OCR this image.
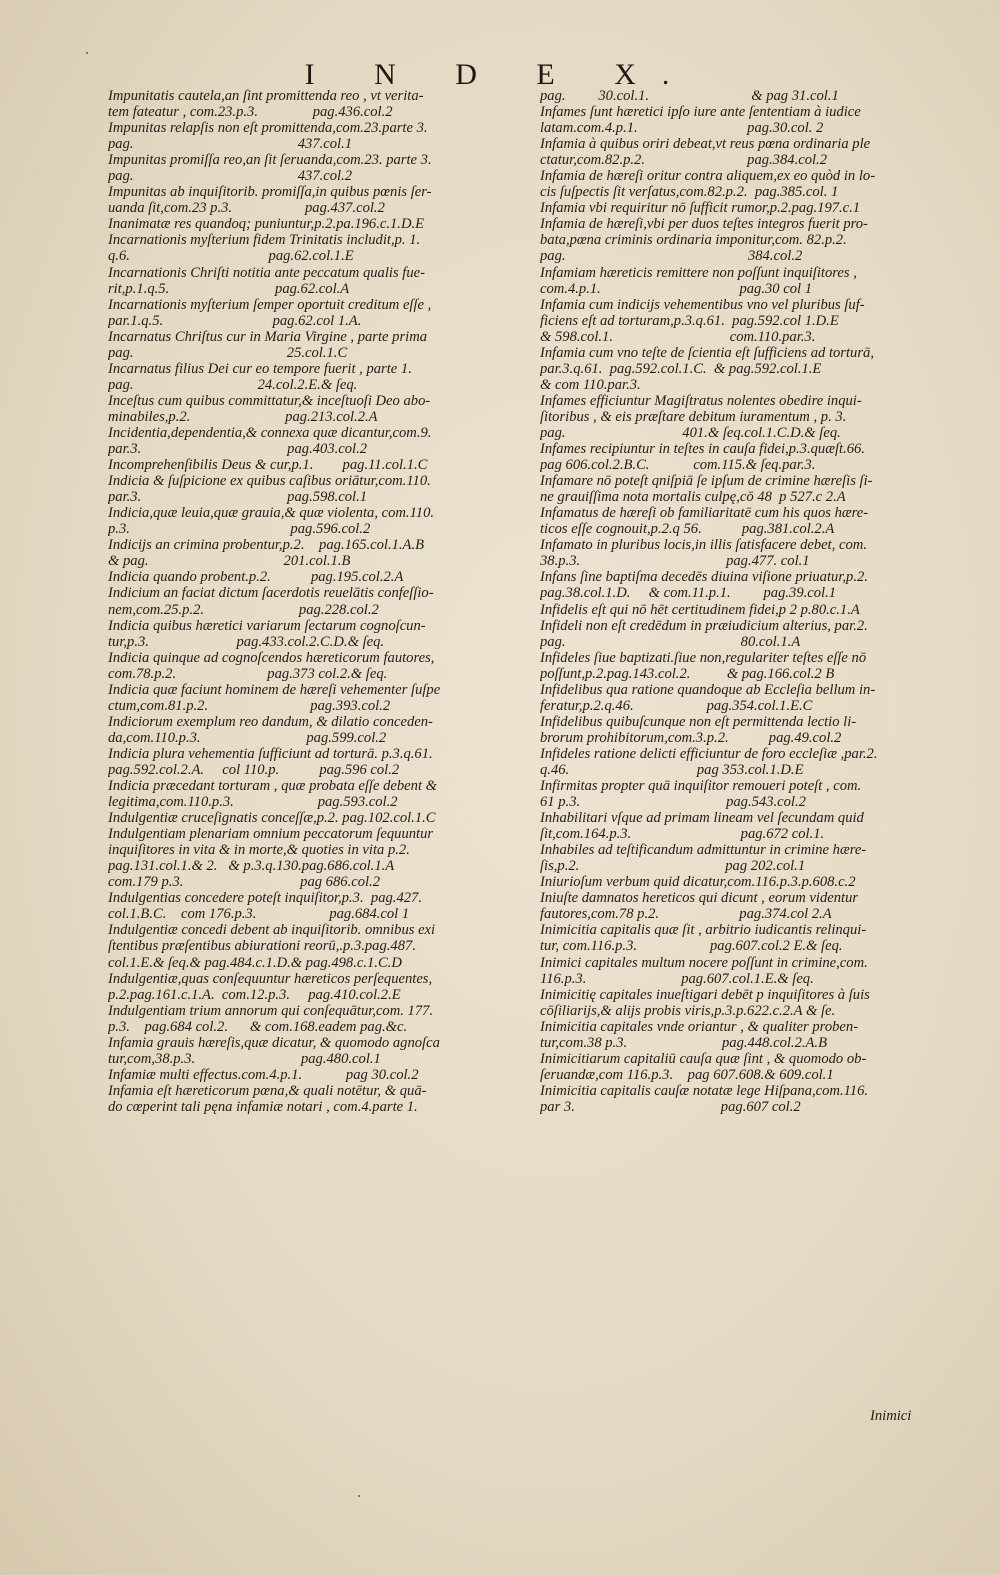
I N D E X.
Impunitatis cautela,an ſint promittenda reo , vt verita-
tem fateatur , com.23.p.3.               pag.436.col.2
Impunitas relapſis non eſt promittenda,com.23.parte 3.
pag.                                             437.col.1
Impunitas promiſſa reo,an ſit ſeruanda,com.23. parte 3.
pag.                                             437.col.2
Impunitas ab inquiſitorib. promiſſa,in quibus pœnis ſer-
uanda ſit,com.23 p.3.                    pag.437.col.2
Inanimatæ res quandoq; puniuntur,p.2.pa.196.c.1.D.E
Incarnationis myſterium fidem Trinitatis includit,p. 1.
q.6.                                      pag.62.col.1.E
Incarnationis Chriſti notitia ante peccatum qualis fue-
rit,p.1.q.5.                             pag.62.col.A
Incarnationis myſterium ſemper oportuit creditum eſſe ,
par.1.q.5.                              pag.62.col 1.A.
Incarnatus Chriſtus cur in Maria Virgine , parte prima
pag.                                          25.col.1.C
Incarnatus filius Dei cur eo tempore fuerit , parte 1.
pag.                                  24.col.2.E.& ſeq.
Inceſtus cum quibus committatur,& inceſtuoſi Deo abo-
minabiles,p.2.                          pag.213.col.2.A
Incidentia,dependentia,& connexa quæ dicantur,com.9.
par.3.                                        pag.403.col.2
Incomprehenſibilis Deus & cur,p.1.        pag.11.col.1.C
Indicia & ſuſpicione ex quibus caſibus oriātur,com.110.
par.3.                                        pag.598.col.1
Indicia,quæ leuia,quæ grauia,& quæ violenta, com.110.
p.3.                                            pag.596.col.2
Indicijs an crimina probentur,p.2.    pag.165.col.1.A.B
& pag.                                     201.col.1.B
Indicia quando probent.p.2.           pag.195.col.2.A
Indicium an faciat dictum ſacerdotis reuelātis confeſſio-
nem,com.25.p.2.                          pag.228.col.2
Indicia quibus hæretici variarum ſectarum cognoſcun-
tur,p.3.                        pag.433.col.2.C.D.& ſeq.
Indicia quinque ad cognoſcendos hæreticorum fautores,
com.78.p.2.                         pag.373 col.2.& ſeq.
Indicia quæ faciunt hominem de hæreſi vehementer ſuſpe
ctum,com.81.p.2.                            pag.393.col.2
Indiciorum exemplum reo dandum, & dilatio conceden-
da,com.110.p.3.                             pag.599.col.2
Indicia plura vehementia ſufficiunt ad torturā. p.3.q.61.
pag.592.col.2.A.     col 110.p.           pag.596 col.2
Indicia præcedant torturam , quæ probata eſſe debent &
legitima,com.110.p.3.                       pag.593.col.2
Indulgentiæ cruceſignatis conceſſæ,p.2. pag.102.col.1.C
Indulgentiam plenariam omnium peccatorum ſequuntur
inquiſitores in vita & in morte,& quoties in vita p.2.
pag.131.col.1.& 2.   & p.3.q.130.pag.686.col.1.A
com.179 p.3.                                pag 686.col.2
Indulgentias concedere poteſt inquiſitor,p.3.  pag.427.
col.1.B.C.    com 176.p.3.                    pag.684.col 1
Indulgentiæ concedi debent ab inquiſitorib. omnibus exi
ſtentibus præſentibus abiurationi reorū,.p.3.pag.487.
col.1.E.& ſeq.& pag.484.c.1.D.& pag.498.c.1.C.D
Indulgentiæ,quas conſequuntur hæreticos perſequentes,
p.2.pag.161.c.1.A.  com.12.p.3.     pag.410.col.2.E
Indulgentiam trium annorum qui conſequātur,com. 177.
p.3.    pag.684 col.2.      & com.168.eadem pag.&c.
Infamia grauis hæreſis,quæ dicatur, & quomodo agnoſca
tur,com,38.p.3.                             pag.480.col.1
Infamiæ multi effectus.com.4.p.1.            pag 30.col.2
Infamia eſt hæreticorum pœna,& quali notētur, & quā-
do cœperint tali pęna infamiæ notari , com.4.parte 1.
pag.         30.col.1.                            & pag 31.col.1
Infames ſunt hæretici ipſo iure ante ſententiam à iudice
latam.com.4.p.1.                              pag.30.col. 2
Infamia à quibus oriri debeat,vt reus pœna ordinaria ple
ctatur,com.82.p.2.                            pag.384.col.2
Infamia de hæreſi oritur contra aliquem,ex eo quòd in lo-
cis ſuſpectis ſit verſatus,com.82.p.2.  pag.385.col. 1
Infamia vbi requiritur nō ſufficit rumor,p.2.pag.197.c.1
Infamia de hæreſi,vbi per duos teſtes integros fuerit pro-
bata,pœna criminis ordinaria imponitur,com. 82.p.2.
pag.                                                  384.col.2
Infamiam hæreticis remittere non poſſunt inquiſitores ,
com.4.p.1.                                      pag.30 col 1
Infamia cum indicijs vehementibus vno vel pluribus ſuf-
ficiens eſt ad torturam,p.3.q.61.  pag.592.col 1.D.E
& 598.col.1.                                com.110.par.3.
Infamia cum vno teſte de ſcientia eſt ſufficiens ad torturā,
par.3.q.61.  pag.592.col.1.C.  & pag.592.col.1.E
& com 110.par.3.
Infames efficiuntur Magiſtratus nolentes obedire inqui-
ſitoribus , & eis præſtare debitum iuramentum , p. 3.
pag.                                401.& ſeq.col.1.C.D.& ſeq.
Infames recipiuntur in teſtes in cauſa fidei,p.3.quæſt.66.
pag 606.col.2.B.C.            com.115.& ſeq.par.3.
Infamare nō poteſt qniſpiā ſe ipſum de crimine hæreſis ſi-
ne grauiſſima nota mortalis culpę,cō 48  p 527.c 2.A
Infamatus de hæreſi ob familiaritatē cum his quos hære-
ticos eſſe cognouit,p.2.q 56.           pag.381.col.2.A
Infamato in pluribus locis,in illis ſatisfacere debet, com.
38.p.3.                                        pag.477. col.1
Infans ſine baptiſma decedēs diuina viſione priuatur,p.2.
pag.38.col.1.D.     & com.11.p.1.         pag.39.col.1
Infidelis eſt qui nō hēt certitudinem fidei,p 2 p.80.c.1.A
Infideli non eſt credēdum in præiudicium alterius, par.2.
pag.                                                80.col.1.A
Infideles ſiue baptizati.ſiue non,regulariter teſtes eſſe nō
poſſunt,p.2.pag.143.col.2.          & pag.166.col.2 B
Infidelibus qua ratione quandoque ab Eccleſia bellum in-
feratur,p.2.q.46.                    pag.354.col.1.E.C
Infidelibus quibuſcunque non eſt permittenda lectio li-
brorum prohibitorum,com.3.p.2.           pag.49.col.2
Infideles ratione delicti efficiuntur de foro eccleſiæ ,par.2.
q.46.                                   pag 353.col.1.D.E
Infirmitas propter quā inquiſitor remoueri poteſt , com.
61 p.3.                                        pag.543.col.2
Inhabilitari vſque ad primam lineam vel ſecundam quid
ſit,com.164.p.3.                              pag.672 col.1.
Inhabiles ad teſtificandum admittuntur in crimine hære-
ſis,p.2.                                        pag 202.col.1
Iniurioſum verbum quid dicatur,com.116.p.3.p.608.c.2
Iniuſte damnatos hereticos qui dicunt , eorum videntur
fautores,com.78 p.2.                      pag.374.col 2.A
Inimicitia capitalis quæ ſit , arbitrio iudicantis relinqui-
tur, com.116.p.3.                    pag.607.col.2 E.& ſeq.
Inimici capitales multum nocere poſſunt in crimine,com.
116.p.3.                          pag.607.col.1.E.& ſeq.
Inimicitię capitales inueſtigari debēt p inquiſitores à ſuis
cōſiliarijs,& alijs probis viris,p.3.p.622.c.2.A & ſe.
Inimicitia capitales vnde oriantur , & qualiter proben-
tur,com.38 p.3.                          pag.448.col.2.A.B
Inimicitiarum capitaliū cauſa quæ ſint , & quomodo ob-
ſeruandæ,com 116.p.3.    pag 607.608.& 609.col.1
Inimicitia capitalis cauſæ notatæ lege Hiſpana,com.116.
par 3.                                        pag.607 col.2
Inimici
